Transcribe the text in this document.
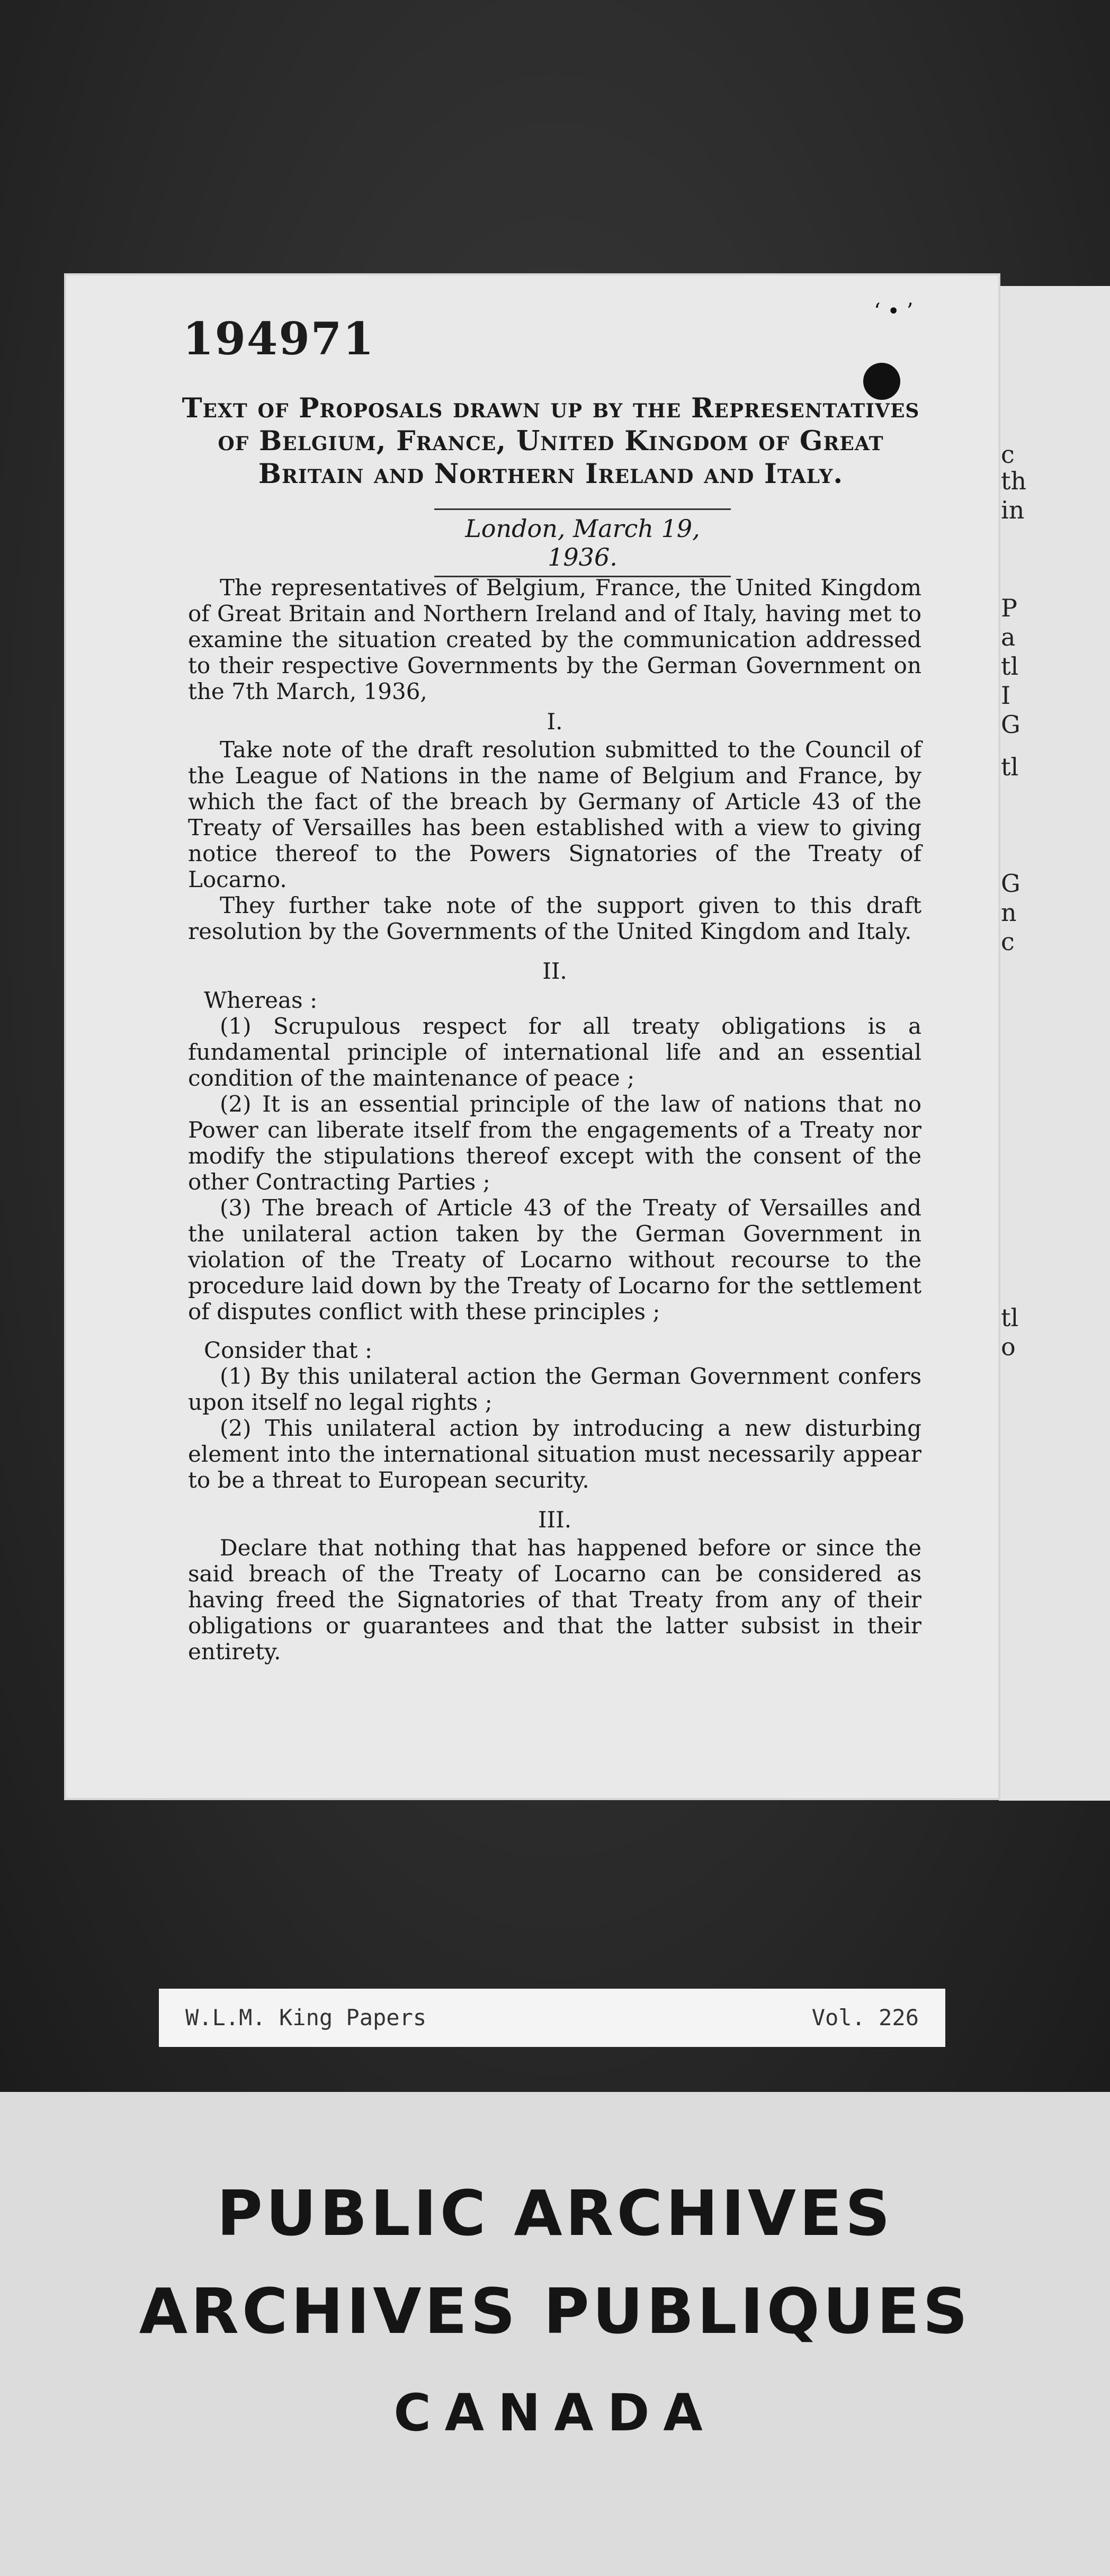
c
th
in
P
a
tl
I
G
tl
G
n
c
tl
o
194971
‘ • ’
Text of Proposals drawn up by the Representatives
of Belgium, France, United Kingdom of Great
Britain and Northern Ireland and Italy.
London, March 19, 1936.

The representatives of Belgium, France, the United Kingdom of Great Britain and Northern Ireland and of Italy, having met to examine the situation created by the communication addressed to their respective Governments by the German Government on the 7th March, 1936,

I.

Take note of the draft resolution submitted to the Council of the League of Nations in the name of Belgium and France, by which the fact of the breach by Germany of Article 43 of the Treaty of Versailles has been established with a view to giving notice thereof to the Powers Signatories of the Treaty of Locarno.

They further take note of the support given to this draft resolution by the Governments of the United Kingdom and Italy.

II.

Whereas :

(1) Scrupulous respect for all treaty obligations is a fundamental principle of international life and an essential condition of the maintenance of peace ;

(2) It is an essential principle of the law of nations that no Power can liberate itself from the engagements of a Treaty nor modify the stipulations thereof except with the consent of the other Contracting Parties ;

(3) The breach of Article 43 of the Treaty of Versailles and the unilateral action taken by the German Government in violation of the Treaty of Locarno without recourse to the procedure laid down by the Treaty of Locarno for the settlement of disputes conflict with these principles ;

Consider that :

(1) By this unilateral action the German Government confers upon itself no legal rights ;

(2) This unilateral action by introducing a new disturbing element into the international situation must necessarily appear to be a threat to European security.

III.

Declare that nothing that has happened before or since the said breach of the Treaty of Locarno can be considered as having freed the Signatories of that Treaty from any of their obligations or guarantees and that the latter subsist in their entirety.

W.L.M. King Papers	Vol. 226
PUBLIC ARCHIVES
ARCHIVES PUBLIQUES
CANADA
